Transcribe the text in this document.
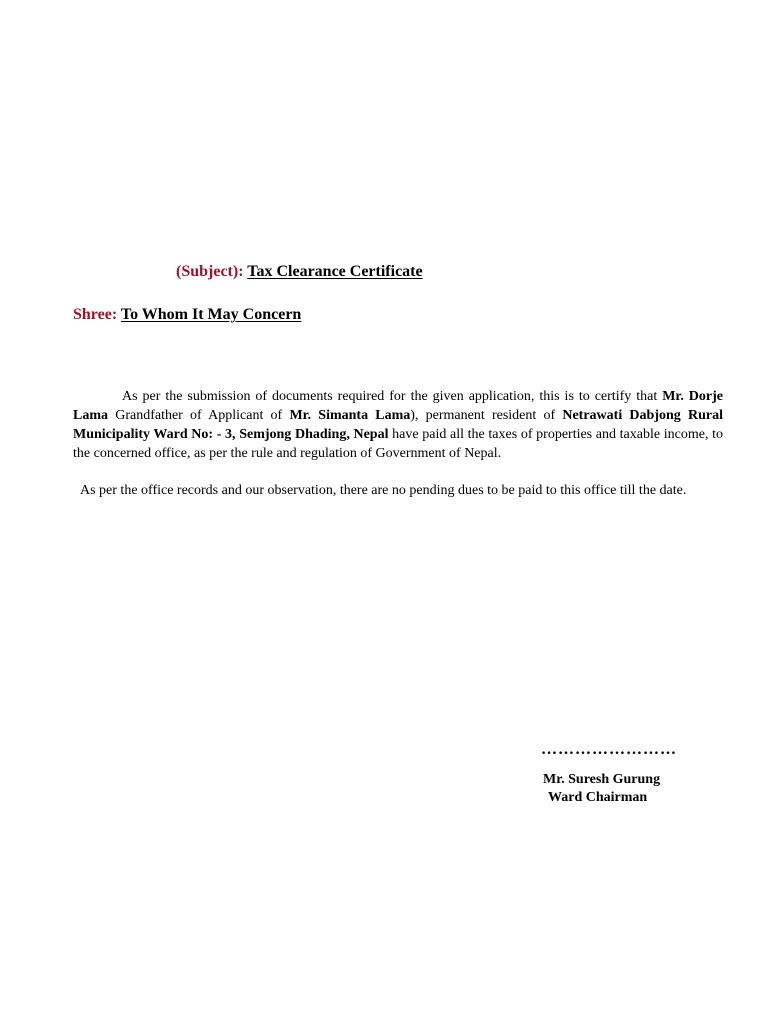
(Subject): Tax Clearance Certificate
Shree: To Whom It May Concern
As per the submission of documents required for the given application, this is to certify that Mr. Dorje Lama Grandfather of Applicant of Mr. Simanta Lama), permanent resident of Netrawati Dabjong Rural Municipality Ward No: - 3, Semjong Dhading, Nepal have paid all the taxes of properties and taxable income, to the concerned office, as per the rule and regulation of Government of Nepal.
As per the office records and our observation, there are no pending dues to be paid to this office till the date.
……………………
Mr. Suresh Gurung
Ward Chairman
